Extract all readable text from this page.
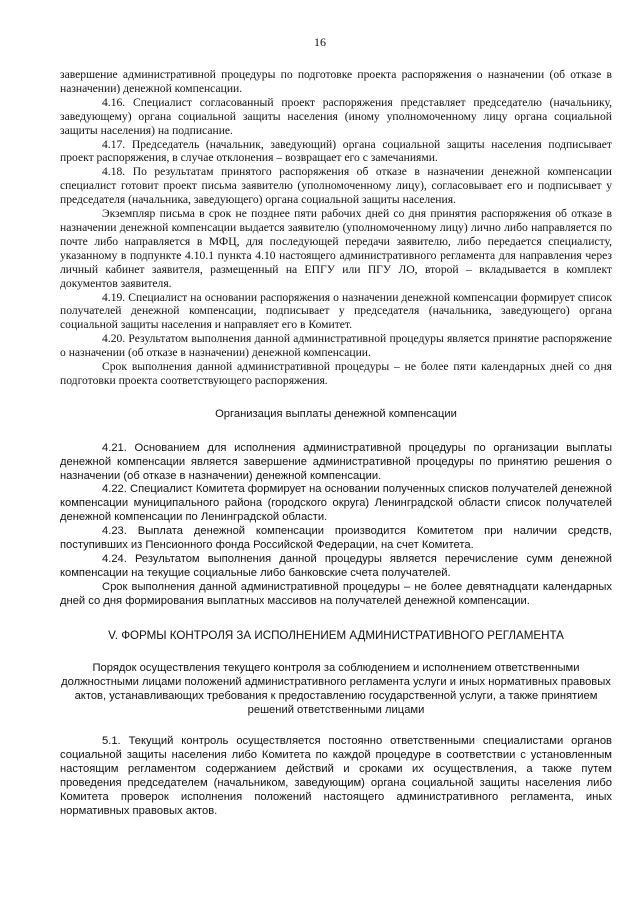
16

завершение административной процедуры по подготовке проекта распоряжения о назначении (об отказе в назначении) денежной компенсации.

4.16. Специалист согласованный проект распоряжения представляет председателю (начальнику, заведующему) органа социальной защиты населения (иному уполномоченному лицу органа социальной защиты населения) на подписание.

4.17. Председатель (начальник, заведующий) органа социальной защиты населения подписывает проект распоряжения, в случае отклонения – возвращает его с замечаниями.

4.18. По результатам принятого распоряжения об отказе в назначении денежной компенсации специалист готовит проект письма заявителю (уполномоченному лицу), согласовывает его и подписывает у председателя (начальника, заведующего) органа социальной защиты населения.

Экземпляр письма в срок не позднее пяти рабочих дней со дня принятия распоряжения об отказе в назначении денежной компенсации выдается заявителю (уполномоченному лицу) лично либо направляется по почте либо направляется в МФЦ, для последующей передачи заявителю, либо передается специалисту, указанному в подпункте 4.10.1 пункта 4.10 настоящего административного регламента для направления через личный кабинет заявителя, размещенный на ЕПГУ или ПГУ ЛО, второй – вкладывается в комплект документов заявителя.

4.19. Специалист на основании распоряжения о назначении денежной компенсации формирует список получателей денежной компенсации, подписывает у председателя (начальника, заведующего) органа социальной защиты населения и направляет его в Комитет.

4.20. Результатом выполнения данной административной процедуры является принятие распоряжение о назначении (об отказе в назначении) денежной компенсации.

Срок выполнения данной административной процедуры – не более пяти календарных дней со дня подготовки проекта соответствующего распоряжения.

Организация выплаты денежной компенсации

4.21. Основанием для исполнения административной процедуры по организации выплаты денежной компенсации является завершение административной процедуры по принятию решения о назначении (об отказе в назначении) денежной компенсации.

4.22. Специалист Комитета формирует на основании полученных списков получателей денежной компенсации муниципального района (городского округа) Ленинградской области список получателей денежной компенсации по Ленинградской области.

4.23. Выплата денежной компенсации производится Комитетом при наличии средств, поступивших из Пенсионного фонда Российской Федерации, на счет Комитета.

4.24. Результатом выполнения данной процедуры является перечисление сумм денежной компенсации на текущие социальные либо банковские счета получателей.

Срок выполнения данной административной процедуры – не более девятнадцати календарных дней со дня формирования выплатных массивов на получателей денежной компенсации.

V. ФОРМЫ КОНТРОЛЯ ЗА ИСПОЛНЕНИЕМ АДМИНИСТРАТИВНОГО РЕГЛАМЕНТА
Порядок осуществления текущего контроля за соблюдением и исполнением ответственными должностными лицами положений административного регламента услуги и иных нормативных правовых актов, устанавливающих требования к предоставлению государственной услуги, а также принятием решений ответственными лицами

5.1. Текущий контроль осуществляется постоянно ответственными специалистами органов социальной защиты населения либо Комитета по каждой процедуре в соответствии с установленным настоящим регламентом содержанием действий и сроками их осуществления, а также путем проведения председателем (начальником, заведующим) органа социальной защиты населения либо Комитета проверок исполнения положений настоящего административного регламента, иных нормативных правовых актов.
